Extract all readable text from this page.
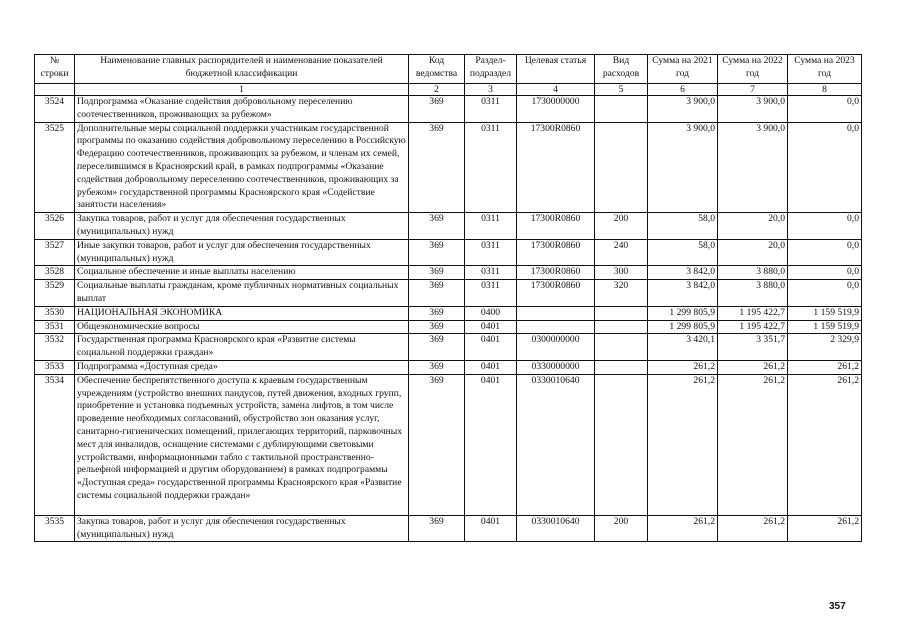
№ строки	Наименование главных распорядителей и наименование показателей бюджетной классификации	Код ведомства	Раздел-подраздел	Целевая статья	Вид расходов	Сумма на 2021 год	Сумма на 2022 год	Сумма на 2023 год
	1	2	3	4	5	6	7	8
3524	Подпрограмма «Оказание содействия добровольному переселению соотечественников, проживающих за рубежом»	369	0311	1730000000		3 900,0	3 900,0	0,0
3525	Дополнительные меры социальной поддержки участникам государственной программы по оказанию содействия добровольному переселению в Российскую Федерацию соотечественников, проживающих за рубежом, и членам их семей, переселившимся в Красноярский край, в рамках подпрограммы «Оказание содействия добровольному переселению соотечественников, проживающих за рубежом» государственной программы Красноярского края «Содействие занятости населения»	369	0311	17300R0860		3 900,0	3 900,0	0,0
3526	Закупка товаров, работ и услуг для обеспечения государственных (муниципальных) нужд	369	0311	17300R0860	200	58,0	20,0	0,0
3527	Иные закупки товаров, работ и услуг для обеспечения государственных (муниципальных) нужд	369	0311	17300R0860	240	58,0	20,0	0,0
3528	Социальное обеспечение и иные выплаты населению	369	0311	17300R0860	300	3 842,0	3 880,0	0,0
3529	Социальные выплаты гражданам, кроме публичных нормативных социальных выплат	369	0311	17300R0860	320	3 842,0	3 880,0	0,0
3530	НАЦИОНАЛЬНАЯ ЭКОНОМИКА	369	0400			1 299 805,9	1 195 422,7	1 159 519,9
3531	Общеэкономические вопросы	369	0401			1 299 805,9	1 195 422,7	1 159 519,9
3532	Государственная программа Красноярского края «Развитие системы социальной поддержки граждан»	369	0401	0300000000		3 420,1	3 351,7	2 329,9
3533	Подпрограмма «Доступная среда»	369	0401	0330000000		261,2	261,2	261,2
3534	Обеспечение беспрепятственного доступа к краевым государственным учреждениям (устройство внешних пандусов, путей движения, входных групп, приобретение и установка подъемных устройств, замена лифтов, в том числе проведение необходимых согласований, обустройство зон оказания услуг, санитарно-гигиенических помещений, прилегающих территорий, парковочных мест для инвалидов, оснащение системами с дублирующими световыми устройствами, информационными табло с тактильной пространственно-рельефной информацией и другим оборудованием) в рамках подпрограммы «Доступная среда» государственной программы Красноярского края «Развитие системы социальной поддержки граждан»	369	0401	0330010640		261,2	261,2	261,2
3535	Закупка товаров, работ и услуг для обеспечения государственных (муниципальных) нужд	369	0401	0330010640	200	261,2	261,2	261,2
357
